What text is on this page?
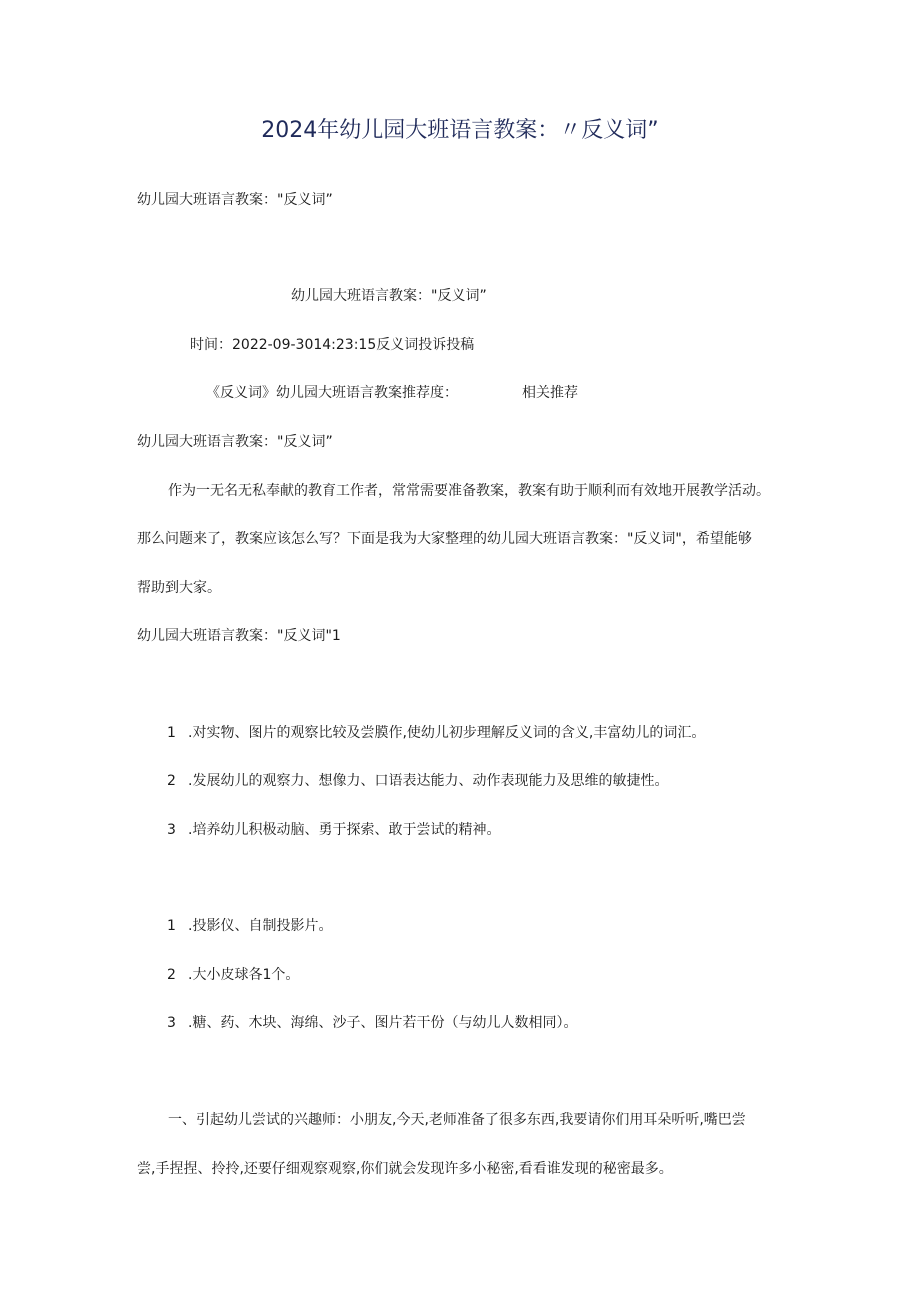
2024年幼儿园大班语言教案：〃反义词”
幼儿园大班语言教案："反义词”
幼儿园大班语言教案："反义词”
时间：2022-09-3014:23:15反义词投诉投稿
《反义词》幼儿园大班语言教案推荐度：	相关推荐
幼儿园大班语言教案："反义词”
作为一无名无私奉献的教育工作者，常常需要准备教案，教案有助于顺利而有效地开展教学活动。
那么问题来了，教案应该怎么写？下面是我为大家整理的幼儿园大班语言教案："反义词"，希望能够
帮助到大家。
幼儿园大班语言教案："反义词"1
1 .对实物、图片的观察比较及尝膜作,使幼儿初步理解反义词的含义,丰富幼儿的词汇。
2 .发展幼儿的观察力、想像力、口语表达能力、动作表现能力及思维的敏捷性。
3 .培养幼儿积极动脑、勇于探索、敢于尝试的精神。
1 .投影仪、自制投影片。
2 .大小皮球各1个。
3 .糖、药、木块、海绵、沙子、图片若干份（与幼儿人数相同）。
一、引起幼儿尝试的兴趣师：小朋友,今天,老师准备了很多东西,我要请你们用耳朵听听,嘴巴尝
尝,手捏捏、拎拎,还要仔细观察观察,你们就会发现许多小秘密,看看谁发现的秘密最多。
